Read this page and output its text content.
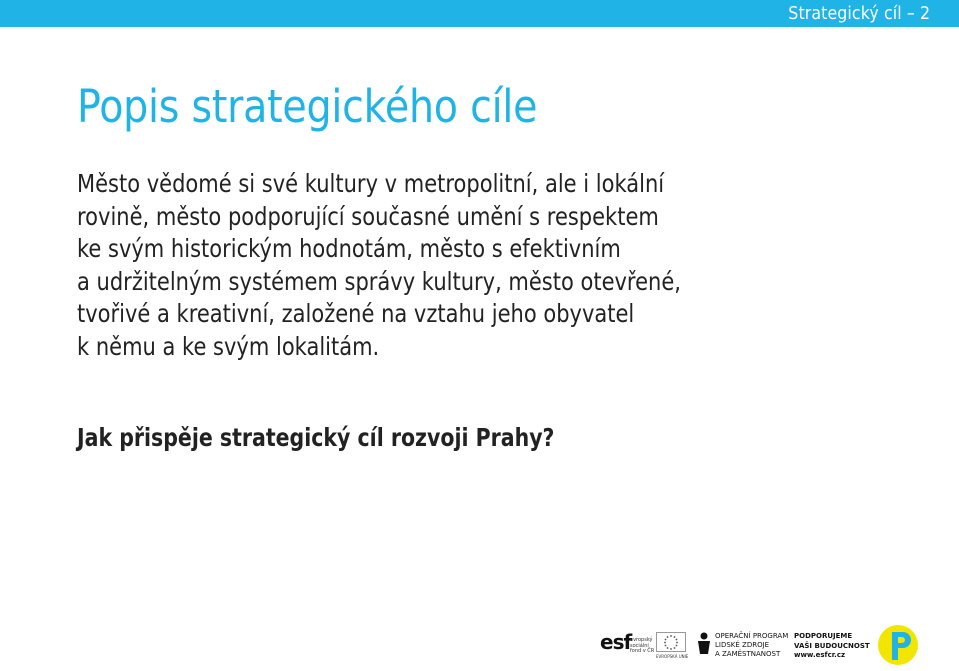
Strategický cíl – 2
Popis strategického cíle

Město vědomé si své kultury v metropolitní, ale i lokální
rovině, město podporující současné umění s respektem
ke svým historickým hodnotám, město s efektivním
a udržitelným systémem správy kultury, město otevřené,
tvořivé a kreativní, založené na vztahu jeho obyvatel
k němu a ke svým lokalitám.

Jak přispěje strategický cíl rozvoji Prahy?

esf
evropský
sociální
fond v ČR
EVROPSKÁ UNIE
OPERAČNÍ PROGRAM
LIDSKÉ ZDROJE
A ZAMĚSTNANOST
PODPORUJEME
VAŠI BUDOUCNOST
www.esfcr.cz
